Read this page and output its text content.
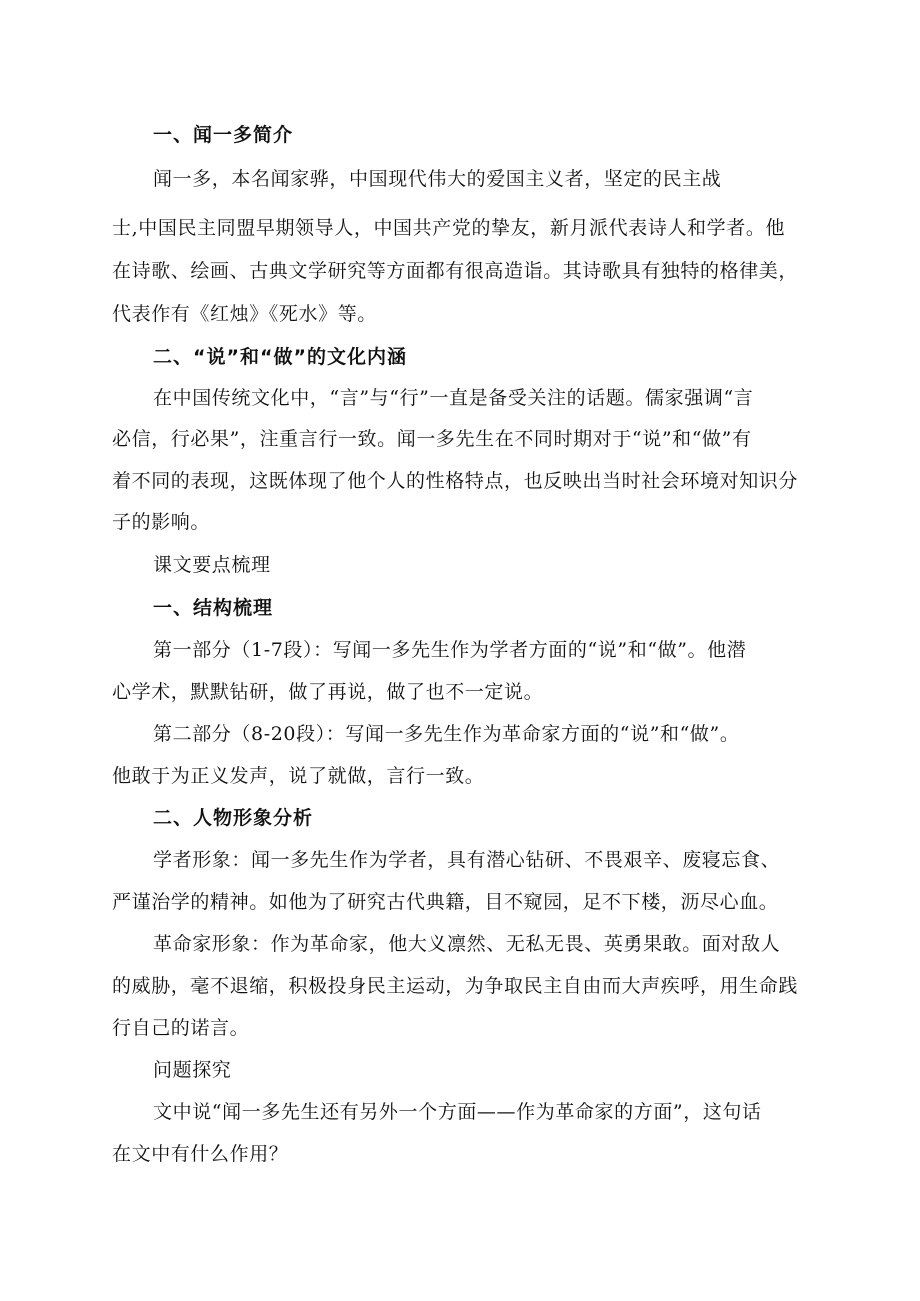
一、闻一多简介
闻一多，本名闻家骅，中国现代伟大的爱国主义者，坚定的民主战
士,中国民主同盟早期领导人，中国共产党的挚友，新月派代表诗人和学者。他
在诗歌、绘画、古典文学研究等方面都有很高造诣。其诗歌具有独特的格律美，
代表作有《红烛》《死水》等。
二、“说”和“做”的文化内涵
在中国传统文化中，“言”与“行”一直是备受关注的话题。儒家强调“言
必信，行必果”，注重言行一致。闻一多先生在不同时期对于“说”和“做”有
着不同的表现，这既体现了他个人的性格特点，也反映出当时社会环境对知识分
子的影响。
课文要点梳理
一、结构梳理
第一部分（1-7段）：写闻一多先生作为学者方面的“说”和“做”。他潜
心学术，默默钻研，做了再说，做了也不一定说。
第二部分（8-20段）：写闻一多先生作为革命家方面的“说”和“做”。
他敢于为正义发声，说了就做，言行一致。
二、人物形象分析
学者形象：闻一多先生作为学者，具有潜心钻研、不畏艰辛、废寝忘食、
严谨治学的精神。如他为了研究古代典籍，目不窥园，足不下楼，沥尽心血。
革命家形象：作为革命家，他大义凛然、无私无畏、英勇果敢。面对敌人
的威胁，毫不退缩，积极投身民主运动，为争取民主自由而大声疾呼，用生命践
行自己的诺言。
问题探究
文中说“闻一多先生还有另外一个方面——作为革命家的方面”，这句话
在文中有什么作用？
